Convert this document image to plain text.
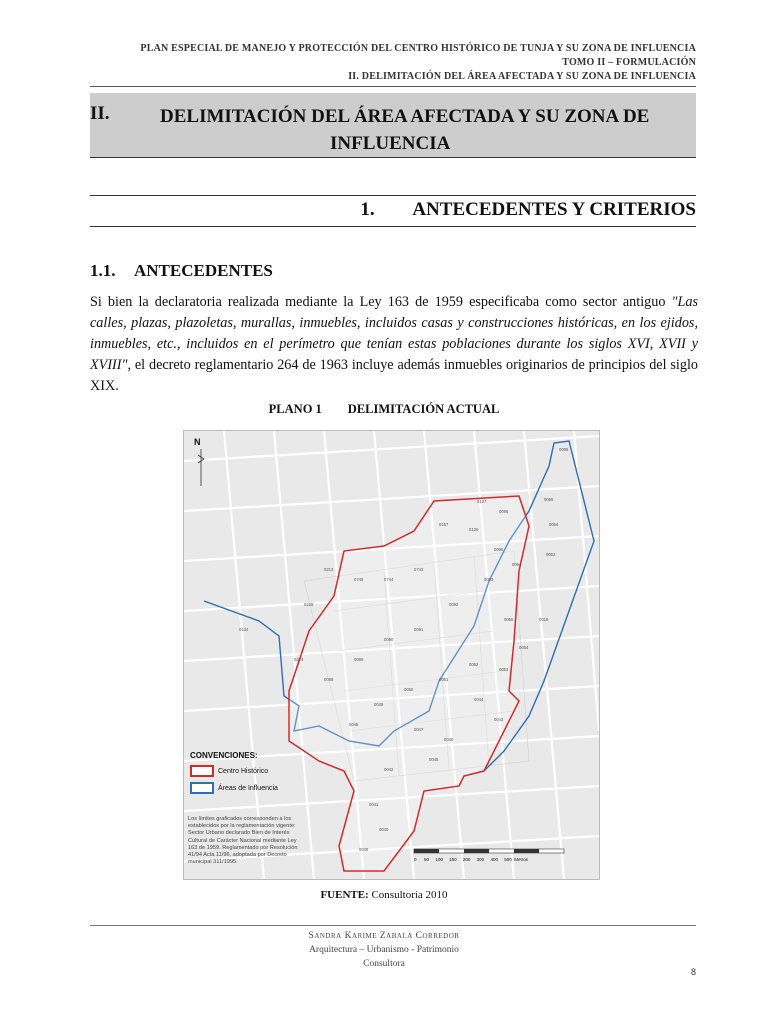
PLAN ESPECIAL DE MANEJO Y PROTECCIÓN DEL CENTRO HISTÓRICO DE TUNJA Y SU ZONA DE INFLUENCIA
TOMO II – FORMULACIÓN
II. DELIMITACIÓN DEL ÁREA AFECTADA Y SU ZONA DE INFLUENCIA
II.	DELIMITACIÓN DEL ÁREA AFECTADA Y SU ZONA DE
INFLUENCIA
1. ANTECEDENTES Y CRITERIOS
1.1. ANTECEDENTES
Si bien la declaratoria realizada mediante la Ley 163 de 1959 especificaba como sector antiguo "Las calles, plazas, plazoletas, murallas, inmuebles, incluidos casas y construcciones históricas, en los ejidos, inmuebles, etc., incluidos en el perímetro que tenían estas poblaciones durante los siglos XVI, XVII y XVIII", el decreto reglamentario 264 de 1963 incluye además inmuebles originarios de principios del siglo XIX.
PLANO 1 DELIMITACIÓN ACTUAL
0127
0157
0126
0096
0095
0094
0093
0092
0091
0090
0089
0088
0055
0054
0053
0052
0051
0050
0049
0048
0047
0046
0045
0044
0043
0042
0041
0040
0039
0134
0224
0228
0213
0745	0744
0743
0095
0055
0054
0052
0016
N
CONVENCIONES:
Centro Histórico
Áreas de Influencia
Los límites graficados corresponden a los establecidos por la reglamentación vigente: Sector Urbano declarado Bien de Interés Cultural de Carácter Nacional mediante Ley 163 de 1959. Reglamentado por Resolución 41/94 Acta 11/96, adoptada por Decreto municipal 311/1995.	0 50 100 150 200 300 400 500 Metros
FUENTE: Consultoría 2010
Sandra Karime Zabala Corredor
Arquitectura – Urbanismo - Patrimonio
Consultora
8
